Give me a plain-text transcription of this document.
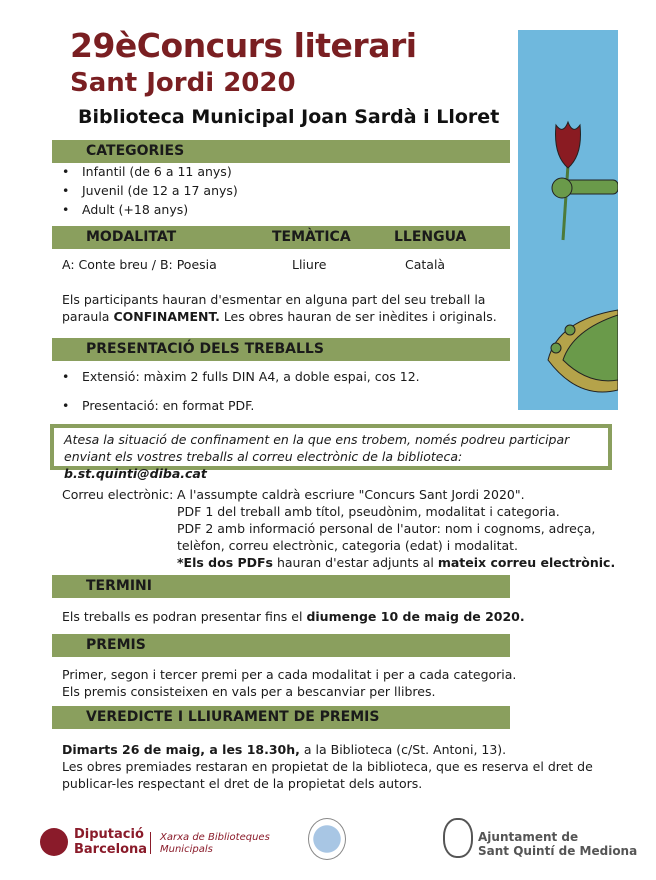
29èConcurs literari
Sant Jordi 2020
Biblioteca Municipal Joan Sardà i Lloret
CATEGORIES
• Infantil (de 6 a 11 anys)
• Juvenil (de 12 a 17 anys)
• Adult (+18 anys)
MODALITAT	TEMÀTICA	LLENGUA
A: Conte breu / B: Poesia	Lliure	Català
Els participants hauran d'esmentar en alguna part del seu treball la
paraula CONFINAMENT. Les obres hauran de ser inèdites i originals.
PRESENTACIÓ DELS TREBALLS
• Extensió: màxim 2 fulls DIN A4, a doble espai, cos 12.
• Presentació: en format PDF.
Atesa la situació de confinament en la que ens trobem, només podreu participar
enviant els vostres treballs al correu electrònic de la biblioteca: b.st.quinti@diba.cat
Correu electrònic: A l'assumpte caldrà escriure "Concurs Sant Jordi 2020".
PDF 1 del treball amb títol, pseudònim, modalitat i categoria.
PDF 2 amb informació personal de l'autor: nom i cognoms, adreça,
telèfon, correu electrònic, categoria (edat) i modalitat.
*Els dos PDFs hauran d'estar adjunts al mateix correu electrònic.
TERMINI
Els treballs es podran presentar fins el diumenge 10 de maig de 2020.
PREMIS
Primer, segon i tercer premi per a cada modalitat i per a cada categoria.
Els premis consisteixen en vals per a bescanviar per llibres.
VEREDICTE I LLIURAMENT DE PREMIS
Dimarts 26 de maig, a les 18.30h, a la Biblioteca (c/St. Antoni, 13).
Les obres premiades restaran en propietat de la biblioteca, que es reserva el dret de
publicar-les respectant el dret de la propietat dels autors.
Diputació
Barcelona
Xarxa de Biblioteques
Municipals
Ajuntament de
Sant Quintí de Mediona
